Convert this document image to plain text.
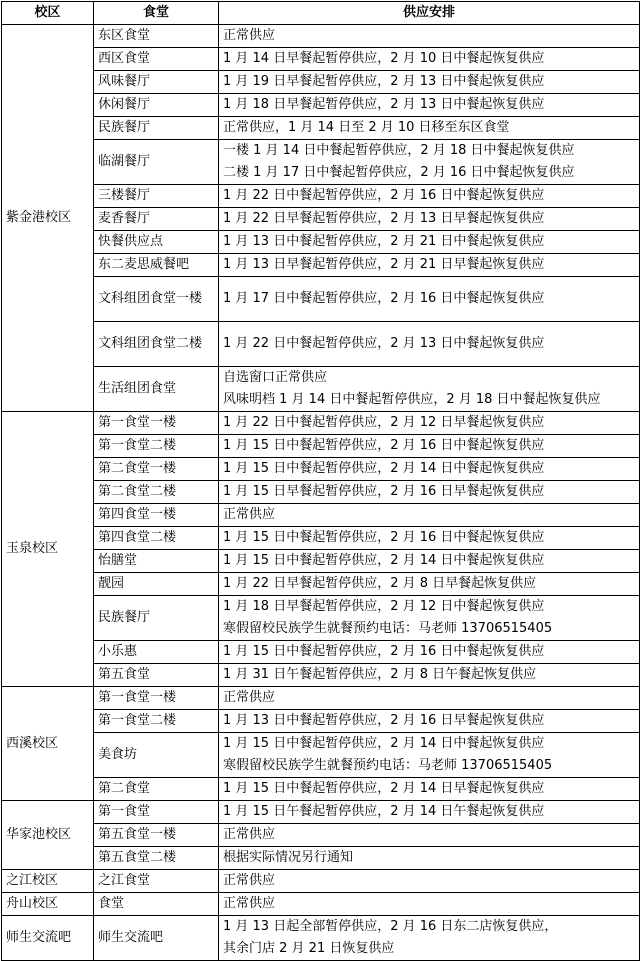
校区	食堂	供应安排
紫金港校区	东区食堂	正常供应

	西区食堂	1 月 14 日早餐起暂停供应，2 月 10 日中餐起恢复供应

	风味餐厅	1 月 19 日早餐起暂停供应，2 月 13 日中餐起恢复供应

	休闲餐厅	1 月 18 日早餐起暂停供应，2 月 13 日中餐起恢复供应

	民族餐厅	正常供应，1 月 14 日至 2 月 10 日移至东区食堂

	临湖餐厅	一楼 1 月 14 日中餐起暂停供应，2 月 18 日中餐起恢复供应
二楼 1 月 17 日中餐起暂停供应，2 月 16 日中餐起恢复供应

	三楼餐厅	1 月 22 日中餐起暂停供应，2 月 16 日中餐起恢复供应

	麦香餐厅	1 月 22 日早餐起暂停供应，2 月 13 日早餐起恢复供应

	快餐供应点	1 月 13 日中餐起暂停供应，2 月 21 日中餐起恢复供应

	东二麦思威餐吧	1 月 13 日早餐起暂停供应，2 月 21 日早餐起恢复供应

	文科组团食堂一楼	1 月 17 日中餐起暂停供应，2 月 16 日中餐起恢复供应

	文科组团食堂二楼	1 月 22 日中餐起暂停供应，2 月 13 日中餐起恢复供应

	生活组团食堂	自选窗口正常供应
风味明档 1 月 14 日中餐起暂停供应，2 月 18 日中餐起恢复供应

玉泉校区	第一食堂一楼	1 月 22 日中餐起暂停供应，2 月 12 日早餐起恢复供应

	第一食堂二楼	1 月 15 日中餐起暂停供应，2 月 16 日中餐起恢复供应

	第二食堂一楼	1 月 15 日中餐起暂停供应，2 月 14 日中餐起恢复供应

	第二食堂二楼	1 月 15 日早餐起暂停供应，2 月 16 日早餐起恢复供应

	第四食堂一楼	正常供应

	第四食堂二楼	1 月 15 日中餐起暂停供应，2 月 16 日中餐起恢复供应

	怡膳堂	1 月 15 日中餐起暂停供应，2 月 14 日中餐起恢复供应

	靓园	1 月 22 日早餐起暂停供应，2 月 8 日早餐起恢复供应

	民族餐厅	1 月 18 日早餐起暂停供应，2 月 12 日中餐起恢复供应
寒假留校民族学生就餐预约电话：马老师 13706515405

	小乐惠	1 月 15 日中餐起暂停供应，2 月 16 日中餐起恢复供应

	第五食堂	1 月 31 日午餐起暂停供应，2 月 8 日午餐起恢复供应

西溪校区	第一食堂一楼	正常供应

	第一食堂二楼	1 月 13 日中餐起暂停供应，2 月 16 日早餐起恢复供应

	美食坊	1 月 15 日中餐起暂停供应，2 月 14 日中餐起恢复供应
寒假留校民族学生就餐预约电话：马老师 13706515405

	第二食堂	1 月 15 日中餐起暂停供应，2 月 14 日早餐起恢复供应

华家池校区	第一食堂	1 月 15 日午餐起暂停供应，2 月 14 日午餐起恢复供应

	第五食堂一楼	正常供应

	第五食堂二楼	根据实际情况另行通知

之江校区	之江食堂	正常供应

舟山校区	食堂	正常供应

师生交流吧	师生交流吧	1 月 13 日起全部暂停供应，2 月 16 日东二店恢复供应，
其余门店 2 月 21 日恢复供应
